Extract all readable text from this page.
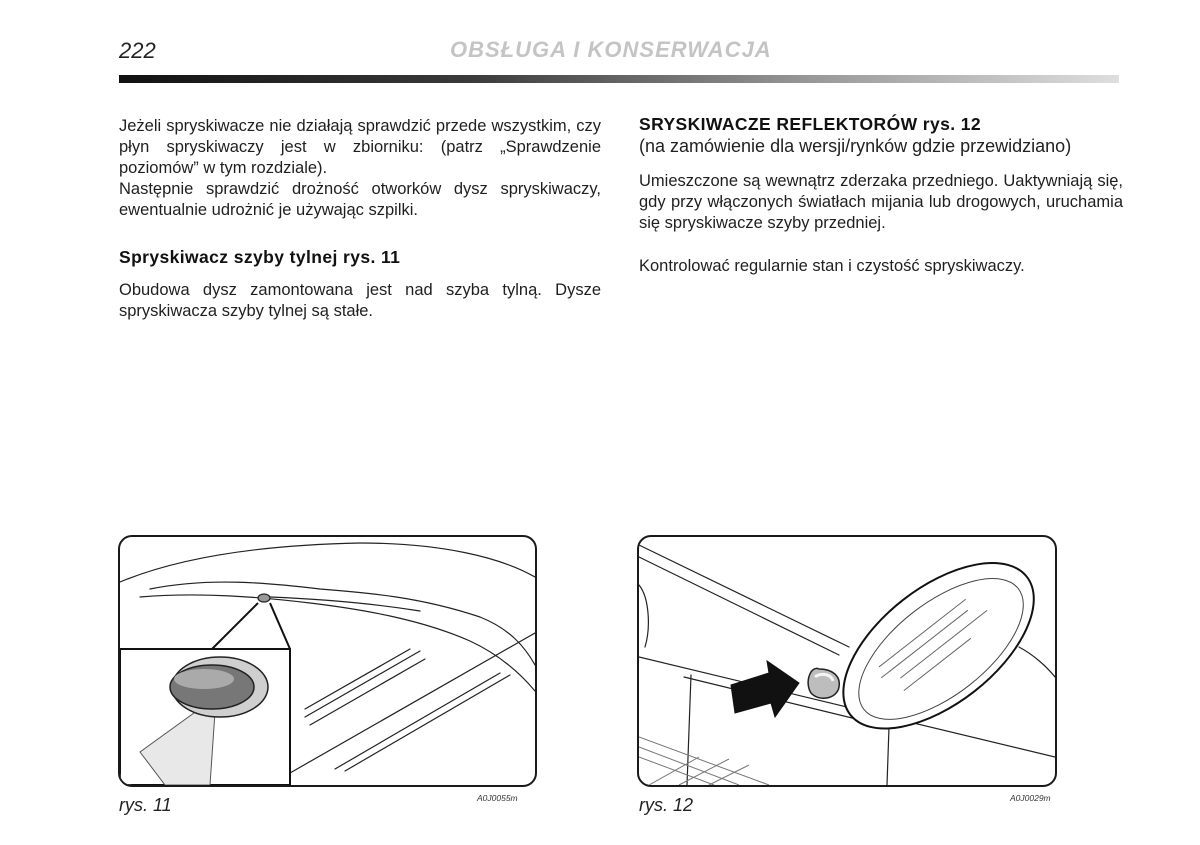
222	OBSŁUGA I KONSERWACJA

Jeżeli spryskiwacze nie działają sprawdzić przede wszystkim, czy płyn spryskiwaczy jest w zbiorniku: (patrz „Sprawdzenie poziomów” w tym rozdziale).

Następnie sprawdzić drożność otworków dysz spryskiwaczy, ewentualnie udrożnić je używając szpilki.

Spryskiwacz szyby tylnej rys. 11

Obudowa dysz zamontowana jest nad szyba tylną. Dysze spryskiwacza szyby tylnej są stałe.

SRYSKIWACZE REFLEKTORÓW rys. 12
(na zamówienie dla wersji/rynków gdzie przewidziano)

Umieszczone są wewnątrz zderzaka przedniego. Uaktywniają się, gdy przy włączonych światłach mijania lub drogowych, uruchamia się spryskiwacze szyby przedniej.

Kontrolować regularnie stan i czystość spryskiwaczy.

rys. 11	A0J0055m	rys. 12	A0J0029m
